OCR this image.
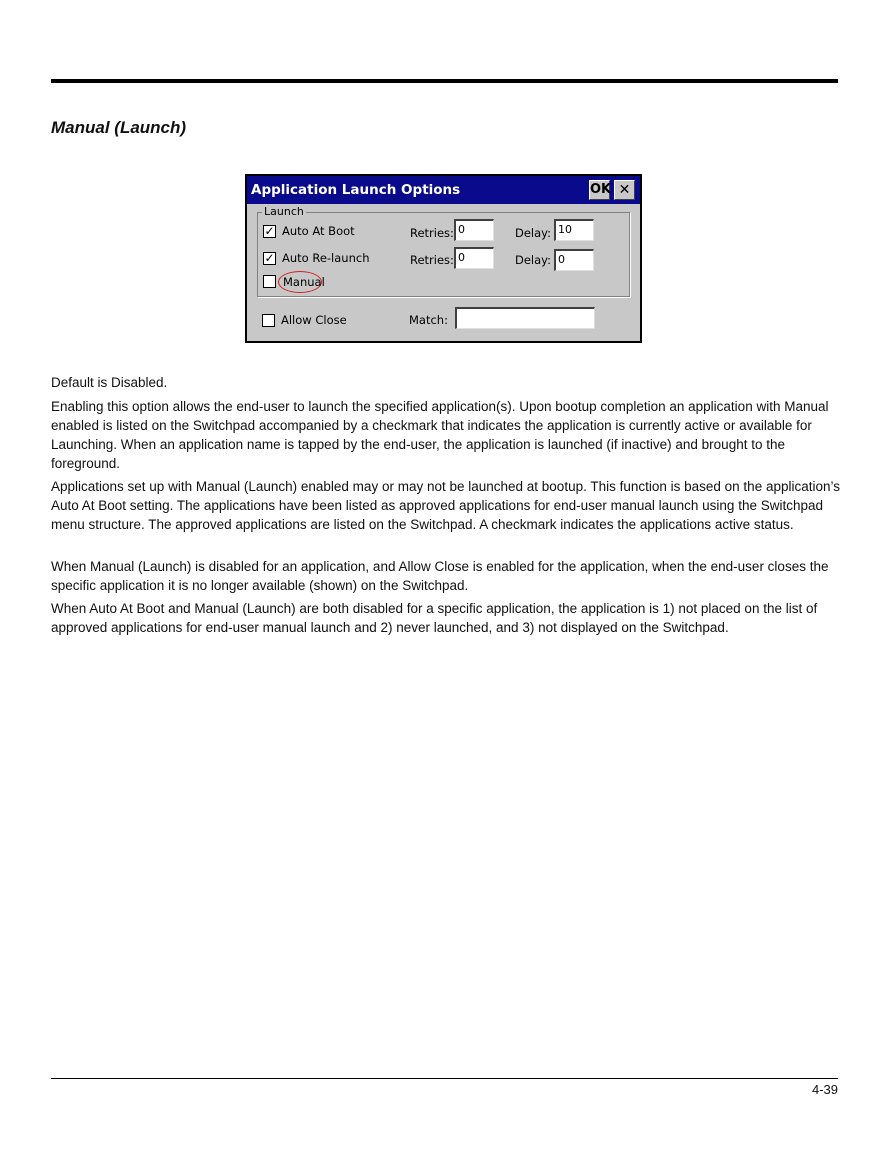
Manual (Launch)
Application Launch Options	OK ✕
Launch
✓ Auto At Boot	Retries: 0	Delay: 10
✓ Auto Re-launch	Retries: 0	Delay: 0
Manual
Allow Close	Match:

Default is Disabled.

Enabling this option allows the end-user to launch the specified application(s). Upon bootup completion an application with Manual enabled is listed on the Switchpad accompanied by a checkmark that indicates the application is currently active or available for Launching. When an application name is tapped by the end-user, the application is launched (if inactive) and brought to the foreground.

Applications set up with Manual (Launch) enabled may or may not be launched at bootup. This function is based on the application’s Auto At Boot setting. The applications have been listed as approved applications for end-user manual launch using the Switchpad menu structure. The approved applications are listed on the Switchpad. A checkmark indicates the applications active status.

When Manual (Launch) is disabled for an application, and Allow Close is enabled for the application, when the end-user closes the specific application it is no longer available (shown) on the Switchpad.

When Auto At Boot and Manual (Launch) are both disabled for a specific application, the application is 1) not placed on the list of approved applications for end-user manual launch and 2) never launched, and 3) not displayed on the Switchpad.

4-39
